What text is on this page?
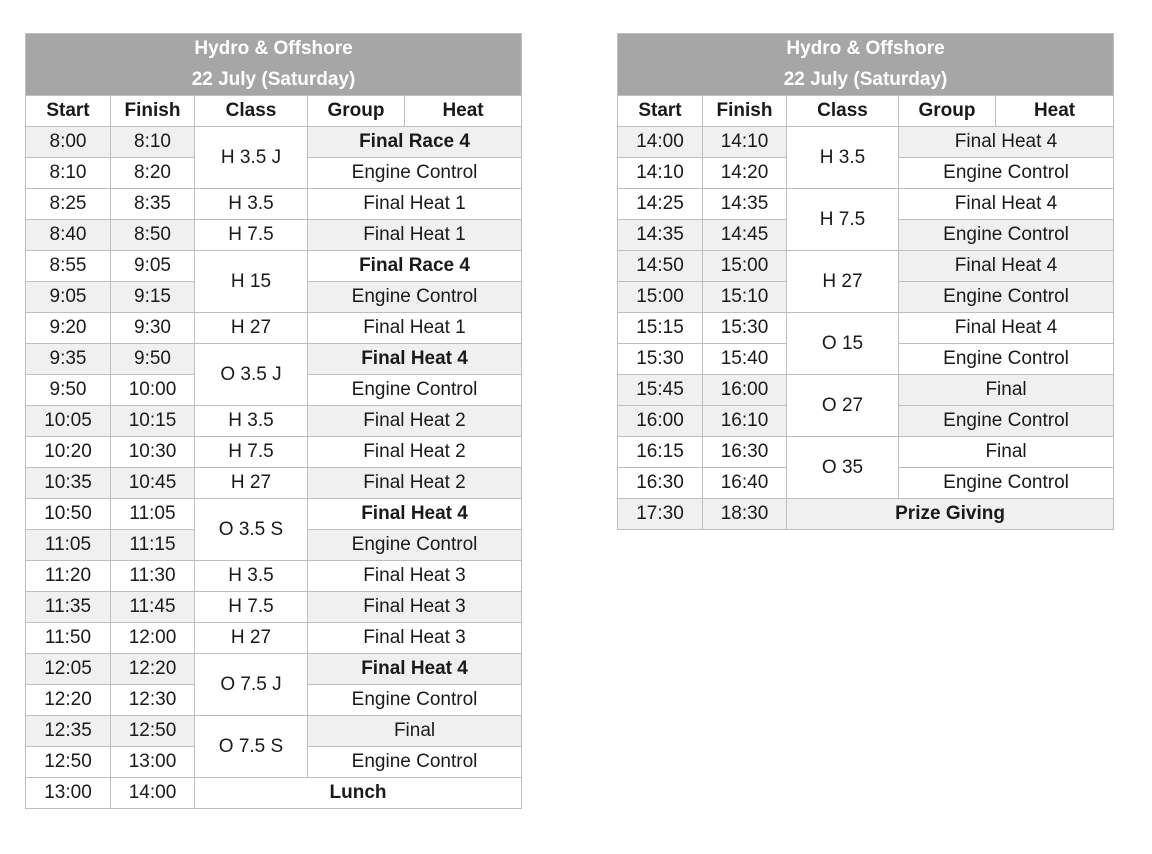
Hydro & Offshore				
22 July (Saturday)				
Start	Finish	Class	Group	Heat
8:00	8:10	H 3.5 J	Final Race 4	
8:10	8:20		Engine Control	
8:25	8:35	H 3.5	Final Heat 1	
8:40	8:50	H 7.5	Final Heat 1	
8:55	9:05	H 15	Final Race 4	
9:05	9:15		Engine Control	
9:20	9:30	H 27	Final Heat 1	
9:35	9:50	O 3.5 J	Final Heat 4	
9:50	10:00		Engine Control	
10:05	10:15	H 3.5	Final Heat 2	
10:20	10:30	H 7.5	Final Heat 2	
10:35	10:45	H 27	Final Heat 2	
10:50	11:05	O 3.5 S	Final Heat 4	
11:05	11:15		Engine Control	
11:20	11:30	H 3.5	Final Heat 3	
11:35	11:45	H 7.5	Final Heat 3	
11:50	12:00	H 27	Final Heat 3	
12:05	12:20	O 7.5 J	Final Heat 4	
12:20	12:30		Engine Control	
12:35	12:50	O 7.5 S	Final	
12:50	13:00		Engine Control	
13:00	14:00	Lunch		
Hydro & Offshore				
22 July (Saturday)				
Start	Finish	Class	Group	Heat
14:00	14:10	H 3.5	Final Heat 4	
14:10	14:20		Engine Control	
14:25	14:35	H 7.5	Final Heat 4	
14:35	14:45		Engine Control	
14:50	15:00	H 27	Final Heat 4	
15:00	15:10		Engine Control	
15:15	15:30	O 15	Final Heat 4	
15:30	15:40		Engine Control	
15:45	16:00	O 27	Final	
16:00	16:10		Engine Control	
16:15	16:30	O 35	Final	
16:30	16:40		Engine Control	
17:30	18:30	Prize Giving		
